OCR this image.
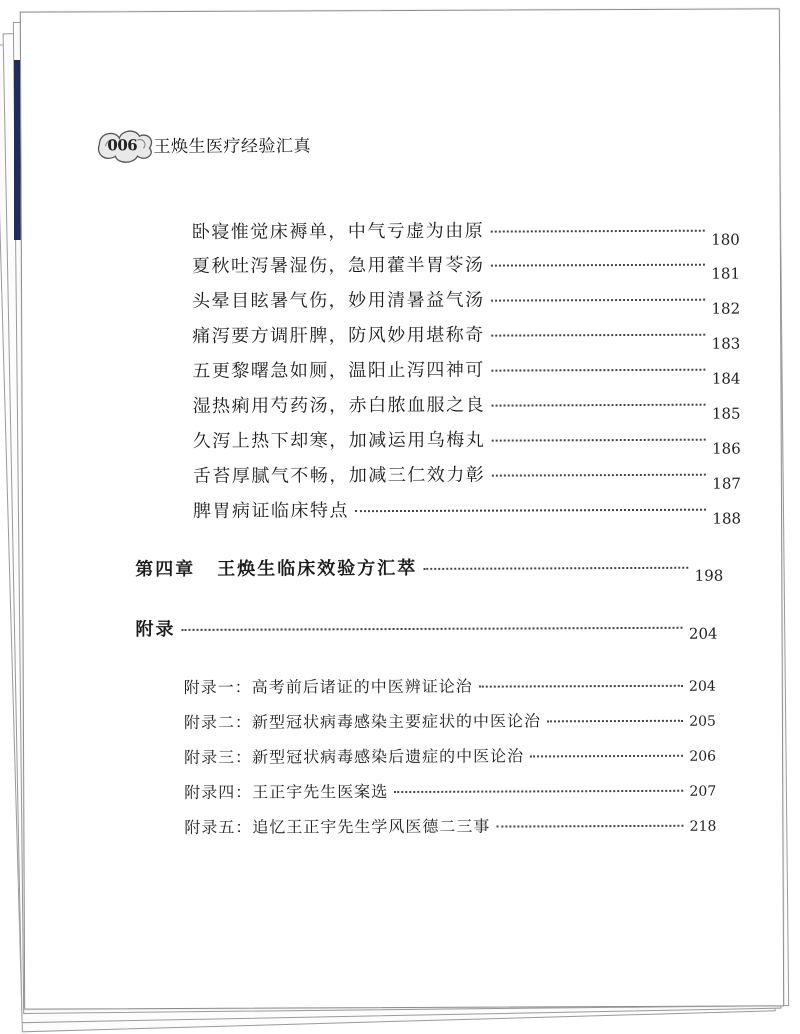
006 王焕生医疗经验汇真
卧寝惟觉床褥单，中气亏虚为由原	180
夏秋吐泻暑湿伤，急用藿半胃苓汤	181
头晕目眩暑气伤，妙用清暑益气汤	182
痛泻要方调肝脾，防风妙用堪称奇	183
五更黎曙急如厕，温阳止泻四神可	184
湿热痢用芍药汤，赤白脓血服之良	185
久泻上热下却寒，加减运用乌梅丸	186
舌苔厚腻气不畅，加减三仁效力彰	187
脾胃病证临床特点	188
第四章 王焕生临床效验方汇萃	198
附录	204
附录一：高考前后诸证的中医辨证论治	204
附录二：新型冠状病毒感染主要症状的中医论治	205
附录三：新型冠状病毒感染后遗症的中医论治	206
附录四：王正宇先生医案选	207
附录五：追忆王正宇先生学风医德二三事	218
